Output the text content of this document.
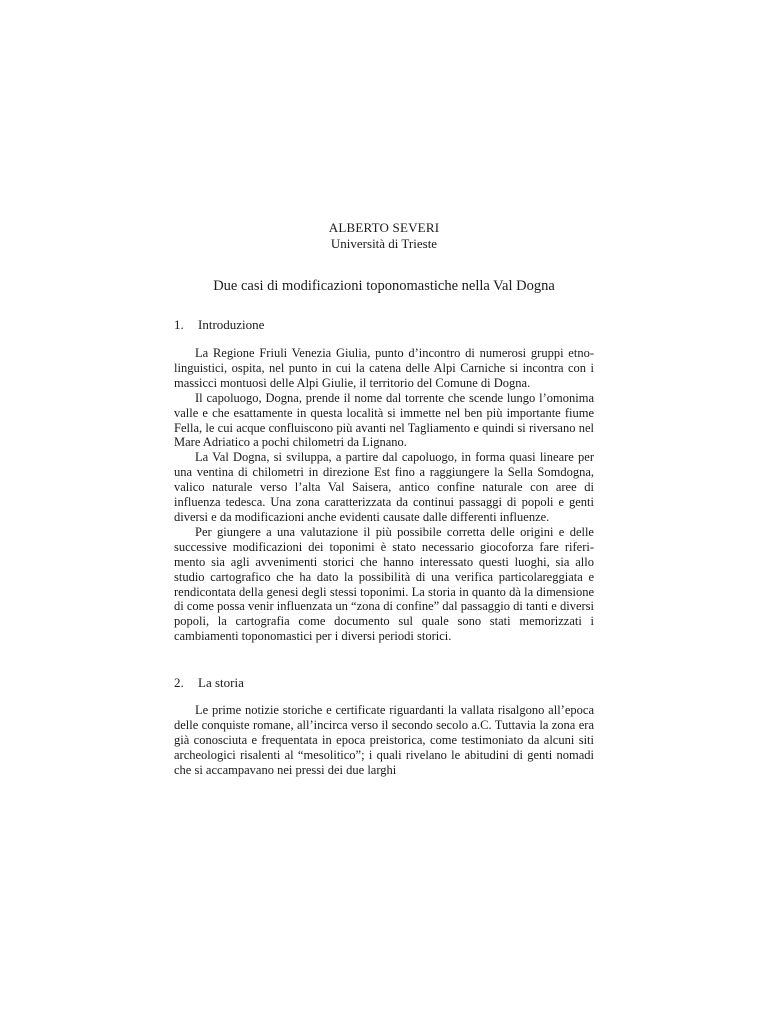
ALBERTO SEVERI
Università di Trieste
Due casi di modificazioni toponomastiche nella Val Dogna
1. Introduzione

La Regione Friuli Venezia Giulia, punto d’incontro di numerosi gruppi etno-linguistici, ospita, nel punto in cui la catena delle Alpi Carniche si incontra con i massicci montuosi delle Alpi Giulie, il territorio del Comune di Dogna.

Il capoluogo, Dogna, prende il nome dal torrente che scende lungo l’omonima valle e che esattamente in questa località si immette nel ben più importante fiume Fella, le cui acque confluiscono più avanti nel Tagliamento e quindi si riversano nel Mare Adriatico a pochi chilometri da Lignano.

La Val Dogna, si sviluppa, a partire dal capoluogo, in forma quasi lineare per una ventina di chilometri in direzione Est fino a raggiungere la Sella Somdogna, valico naturale verso l’alta Val Saisera, antico confine naturale con aree di influenza tedesca. Una zona caratterizzata da continui passaggi di popoli e genti diversi e da modificazioni anche evidenti causate dalle differenti influenze.

Per giungere a una valutazione il più possibile corretta delle origini e delle successive modificazioni dei toponimi è stato necessario giocoforza fare riferi-mento sia agli avvenimenti storici che hanno interessato questi luoghi, sia allo studio cartografico che ha dato la possibilità di una verifica particolareggiata e rendicontata della genesi degli stessi toponimi. La storia in quanto dà la dimensione di come possa venir influenzata un “zona di confine” dal passaggio di tanti e diversi popoli, la cartografia come documento sul quale sono stati memorizzati i cambiamenti toponomastici per i diversi periodi storici.

2. La storia

Le prime notizie storiche e certificate riguardanti la vallata risalgono all’epoca delle conquiste romane, all’incirca verso il secondo secolo a.C. Tuttavia la zona era già conosciuta e frequentata in epoca preistorica, come testimoniato da alcuni siti archeologici risalenti al “mesolitico”; i quali rivelano le abitudini di genti nomadi che si accampavano nei pressi dei due larghi
